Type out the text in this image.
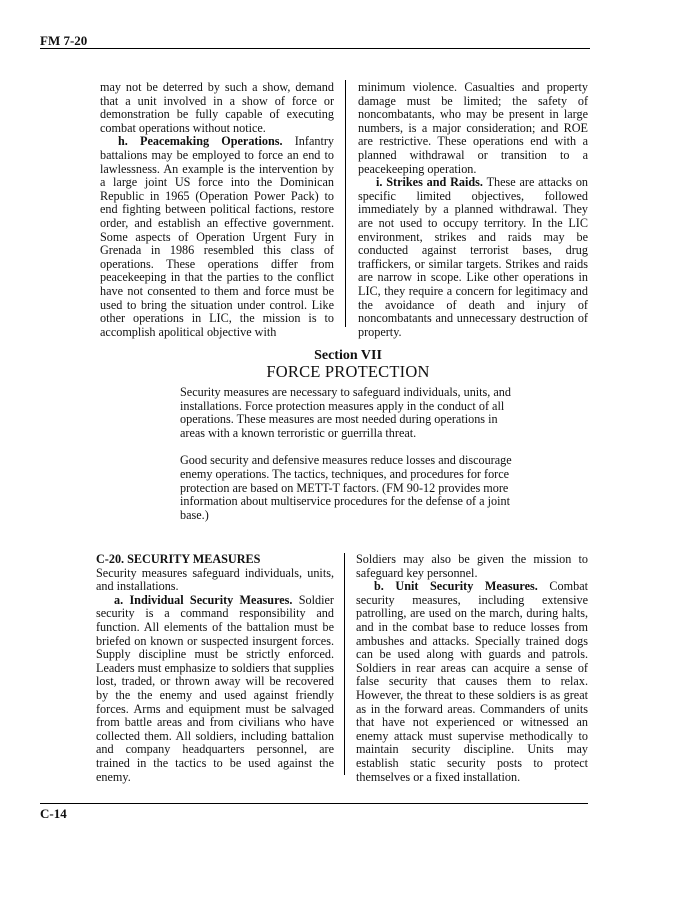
FM 7-20

may not be deterred by such a show, demand that a unit involved in a show of force or demonstration be fully capable of executing combat operations without notice.

h. Peacemaking Operations. Infantry battalions may be employed to force an end to lawlessness. An example is the intervention by a large joint US force into the Dominican Republic in 1965 (Operation Power Pack) to end fighting between political factions, restore order, and establish an effective government. Some aspects of Operation Urgent Fury in Grenada in 1986 resembled this class of operations. These operations differ from peacekeeping in that the parties to the conflict have not consented to them and force must be used to bring the situation under control. Like other operations in LIC, the mission is to accomplish apolitical objective with

minimum violence. Casualties and property damage must be limited; the safety of noncombatants, who may be present in large numbers, is a major consideration; and ROE are restrictive. These operations end with a planned withdrawal or transition to a peacekeeping operation.

i. Strikes and Raids. These are attacks on specific limited objectives, followed immediately by a planned withdrawal. They are not used to occupy territory. In the LIC environment, strikes and raids may be conducted against terrorist bases, drug traffickers, or similar targets. Strikes and raids are narrow in scope. Like other operations in LIC, they require a concern for legitimacy and the avoidance of death and injury of noncombatants and unnecessary destruction of property.

Section VII
FORCE PROTECTION

Security measures are necessary to safeguard individuals, units, and installations. Force protection measures apply in the conduct of all operations. These measures are most needed during operations in areas with a known terroristic or guerrilla threat.

Good security and defensive measures reduce losses and discourage enemy operations. The tactics, techniques, and procedures for force protection are based on METT-T factors. (FM 90-12 provides more information about multiservice procedures for the defense of a joint base.)

C-20. SECURITY MEASURES

Security measures safeguard individuals, units, and installations.

a. Individual Security Measures. Soldier security is a command responsibility and function. All elements of the battalion must be briefed on known or suspected insurgent forces. Supply discipline must be strictly enforced. Leaders must emphasize to soldiers that supplies lost, traded, or thrown away will be recovered by the the enemy and used against friendly forces. Arms and equipment must be salvaged from battle areas and from civilians who have collected them. All soldiers, including battalion and company headquarters personnel, are trained in the tactics to be used against the enemy.

Soldiers may also be given the mission to safeguard key personnel.

b. Unit Security Measures. Combat security measures, including extensive patrolling, are used on the march, during halts, and in the combat base to reduce losses from ambushes and attacks. Specially trained dogs can be used along with guards and patrols. Soldiers in rear areas can acquire a sense of false security that causes them to relax. However, the threat to these soldiers is as great as in the forward areas. Commanders of units that have not experienced or witnessed an enemy attack must supervise methodically to maintain security discipline. Units may establish static security posts to protect themselves or a fixed installation.

C-14
